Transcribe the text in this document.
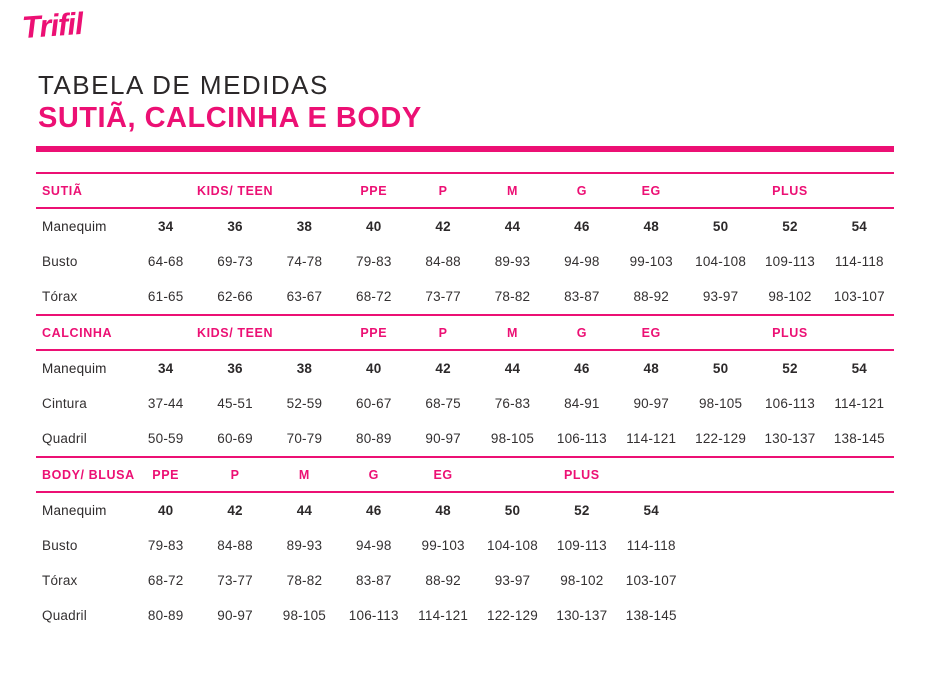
Trifil
TABELA DE MEDIDAS
SUTIÃ, CALCINHA E BODY
SUTIÃ	KIDS/ TEEN	PPE	P	M	G	EG	PLUS
Manequim	34	36	38	40	42	44	46	48	50	52	54
Busto	64-68	69-73	74-78	79-83	84-88	89-93	94-98	99-103	104-108	109-113	114-118
Tórax	61-65	62-66	63-67	68-72	73-77	78-82	83-87	88-92	93-97	98-102	103-107
CALCINHA	KIDS/ TEEN	PPE	P	M	G	EG	PLUS
Manequim	34	36	38	40	42	44	46	48	50	52	54
Cintura	37-44	45-51	52-59	60-67	68-75	76-83	84-91	90-97	98-105	106-113	114-121
Quadril	50-59	60-69	70-79	80-89	90-97	98-105	106-113	114-121	122-129	130-137	138-145
BODY/ BLUSA	PPE	P	M	G	EG	PLUS
Manequim	40	42	44	46	48	50	52	54
Busto	79-83	84-88	89-93	94-98	99-103	104-108	109-113	114-118
Tórax	68-72	73-77	78-82	83-87	88-92	93-97	98-102	103-107
Quadril	80-89	90-97	98-105	106-113	114-121	122-129	130-137	138-145
